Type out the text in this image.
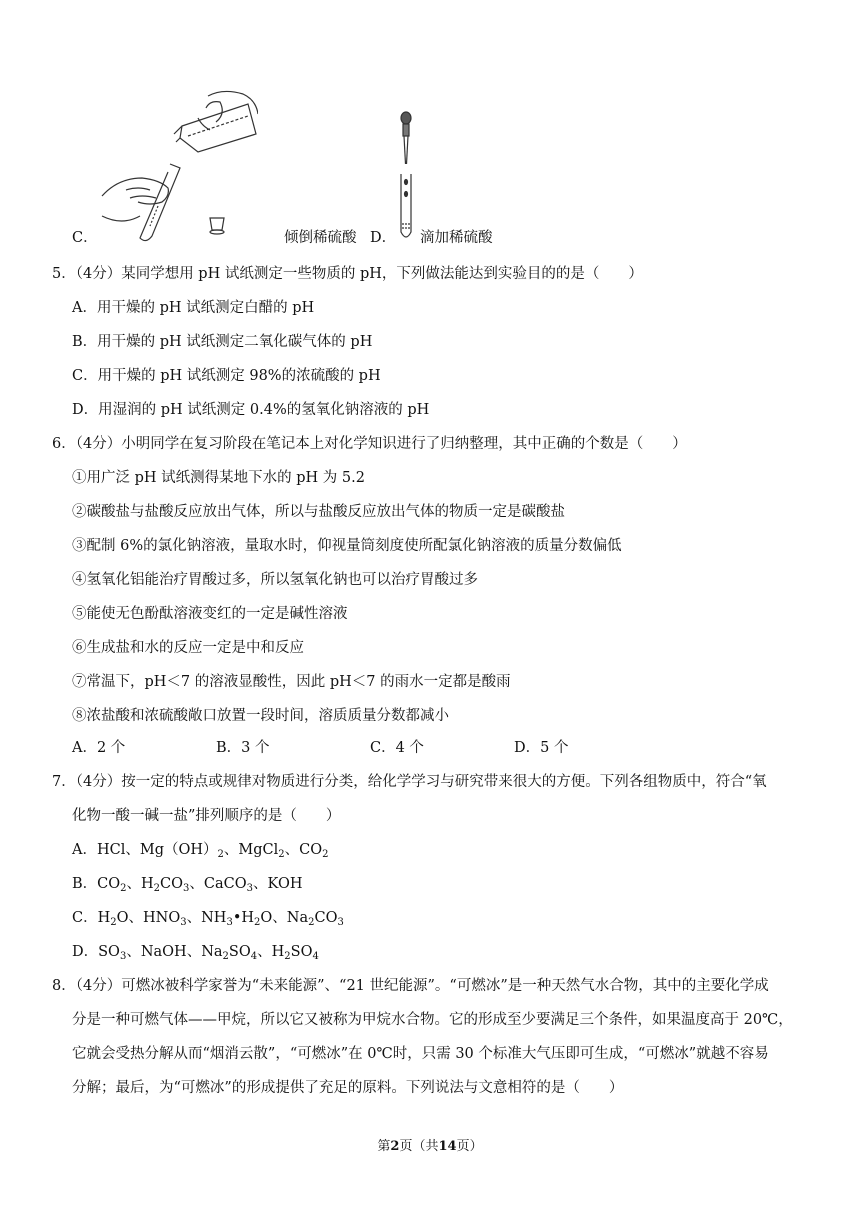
C．	倾倒稀硫酸 D． 滴加稀硫酸
5．（4分）某同学想用 pH 试纸测定一些物质的 pH，下列做法能达到实验目的的是（　　）
A．用干燥的 pH 试纸测定白醋的 pH
B．用干燥的 pH 试纸测定二氧化碳气体的 pH
C．用干燥的 pH 试纸测定 98%的浓硫酸的 pH
D．用湿润的 pH 试纸测定 0.4%的氢氧化钠溶液的 pH
6．（4分）小明同学在复习阶段在笔记本上对化学知识进行了归纳整理，其中正确的个数是（　　）
①用广泛 pH 试纸测得某地下水的 pH 为 5.2
②碳酸盐与盐酸反应放出气体，所以与盐酸反应放出气体的物质一定是碳酸盐
③配制 6%的氯化钠溶液，量取水时，仰视量筒刻度使所配氯化钠溶液的质量分数偏低
④氢氧化铝能治疗胃酸过多，所以氢氧化钠也可以治疗胃酸过多
⑤能使无色酚酞溶液变红的一定是碱性溶液
⑥生成盐和水的反应一定是中和反应
⑦常温下，pH＜7 的溶液显酸性，因此 pH＜7 的雨水一定都是酸雨
⑧浓盐酸和浓硫酸敞口放置一段时间，溶质质量分数都减小
A．2 个	B．3 个	C．4 个	D．5 个
7．（4分）按一定的特点或规律对物质进行分类，给化学学习与研究带来很大的方便。下列各组物质中，符合“氧
化物一酸一碱一盐”排列顺序的是（　　）
A．HCl、$Mg(OH)_2$、MgCl$_2$、$CO_2$
B．$CO_2$、$H_2CO_3$、CaCO$_3$、KOH
C．$H_2O$、$HNO_3$、$NH_3•H_2O$、$Na_2CO_3$
D．$SO_3$、NaOH、$Na_2SO_4$、$H_2SO_4$
8．（4分）可燃冰被科学家誉为“未来能源”、“21 世纪能源”。“可燃冰”是一种天然气水合物，其中的主要化学成
分是一种可燃气体——甲烷，所以它又被称为甲烷水合物。它的形成至少要满足三个条件，如果温度高于 20℃，
它就会受热分解从而“烟消云散”，“可燃冰”在 0℃时，只需 30 个标准大气压即可生成，“可燃冰”就越不容易
分解；最后，为“可燃冰”的形成提供了充足的原料。下列说法与文意相符的是（　　）
第2页（共14页）
